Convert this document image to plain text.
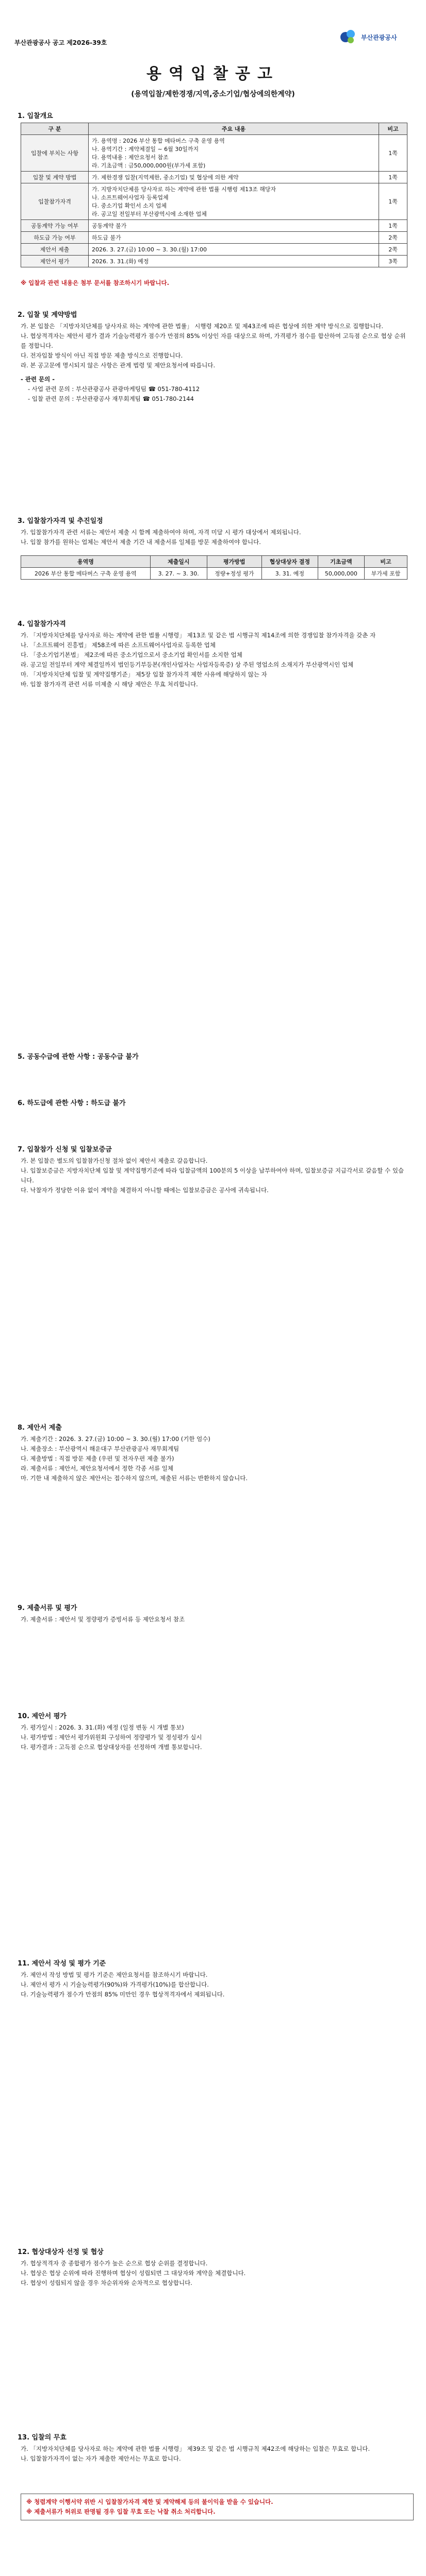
부산관광공사 공고 제2026-39호
부산관광공사
용역입찰공고
(용역입찰/제한경쟁/지역,중소기업/협상에의한계약)
1. 입찰개요
구 분	주요 내용	비고
입찰에 부치는 사항	가. 용역명 : 2026 부산 통합 메타버스 구축 운영 용역
나. 용역기간 : 계약체결일 ~ 6월 30일까지
다. 용역내용 : 제안요청서 참조
라. 기초금액 : 금50,000,000원(부가세 포함)	1쪽
입찰 및 계약 방법	가. 제한경쟁 입찰(지역제한, 중소기업) 및 협상에 의한 계약	1쪽
입찰참가자격	가. 지방자치단체를 당사자로 하는 계약에 관한 법률 시행령 제13조 해당자
나. 소프트웨어사업자 등록업체
다. 중소기업 확인서 소지 업체
라. 공고일 전일부터 부산광역시에 소재한 업체	1쪽
공동계약 가능 여부	공동계약 불가	1쪽
하도급 가능 여부	하도급 불가	2쪽
제안서 제출	2026. 3. 27.(금) 10:00 ~ 3. 30.(월) 17:00	2쪽
제안서 평가	2026. 3. 31.(화) 예정	3쪽

※ 입찰과 관련 내용은 첨부 문서를 참조하시기 바랍니다.

2. 입찰 및 계약방법

가. 본 입찰은 「지방자치단체를 당사자로 하는 계약에 관한 법률」 시행령 제20조 및 제43조에 따른 협상에 의한 계약 방식으로 집행합니다.

나. 협상적격자는 제안서 평가 결과 기술능력평가 점수가 만점의 85% 이상인 자를 대상으로 하며, 가격평가 점수를 합산하여 고득점 순으로 협상 순위를 정합니다.

다. 전자입찰 방식이 아닌 직접 방문 제출 방식으로 진행합니다.

라. 본 공고문에 명시되지 않은 사항은 관계 법령 및 제안요청서에 따릅니다.

- 관련 문의 -

- 사업 관련 문의 : 부산관광공사 관광마케팅팀 ☎ 051-780-4112

- 입찰 관련 문의 : 부산관광공사 재무회계팀 ☎ 051-780-2144

3. 입찰참가자격 및 추진일정

가. 입찰참가자격 관련 서류는 제안서 제출 시 함께 제출하여야 하며, 자격 미달 시 평가 대상에서 제외됩니다.

나. 입찰 참가를 원하는 업체는 제안서 제출 기간 내 제출서류 일체를 방문 제출하여야 합니다.

용역명	제출일시	평가방법	협상대상자 결정	기초금액	비고
2026 부산 통합 메타버스 구축 운영 용역	3. 27. ~ 3. 30.	정량+정성 평가	3. 31. 예정	50,000,000	부가세 포함
4. 입찰참가자격

가. 「지방자치단체를 당사자로 하는 계약에 관한 법률 시행령」 제13조 및 같은 법 시행규칙 제14조에 의한 경쟁입찰 참가자격을 갖춘 자

나. 「소프트웨어 진흥법」 제58조에 따른 소프트웨어사업자로 등록한 업체

다. 「중소기업기본법」 제2조에 따른 중소기업으로서 중소기업 확인서를 소지한 업체

라. 공고일 전일부터 계약 체결일까지 법인등기부등본(개인사업자는 사업자등록증) 상 주된 영업소의 소재지가 부산광역시인 업체

마. 「지방자치단체 입찰 및 계약집행기준」 제5장 입찰 참가자격 제한 사유에 해당하지 않는 자

바. 입찰 참가자격 관련 서류 미제출 시 해당 제안은 무효 처리합니다.

5. 공동수급에 관한 사항 : 공동수급 불가
6. 하도급에 관한 사항 : 하도급 불가
7. 입찰참가 신청 및 입찰보증금

가. 본 입찰은 별도의 입찰참가신청 절차 없이 제안서 제출로 갈음합니다.

나. 입찰보증금은 지방자치단체 입찰 및 계약집행기준에 따라 입찰금액의 100분의 5 이상을 납부하여야 하며, 입찰보증금 지급각서로 갈음할 수 있습니다.

다. 낙찰자가 정당한 이유 없이 계약을 체결하지 아니할 때에는 입찰보증금은 공사에 귀속됩니다.

8. 제안서 제출

가. 제출기간 : 2026. 3. 27.(금) 10:00 ~ 3. 30.(월) 17:00 (기한 엄수)

나. 제출장소 : 부산광역시 해운대구 부산관광공사 재무회계팀

다. 제출방법 : 직접 방문 제출 (우편 및 전자우편 제출 불가)

라. 제출서류 : 제안서, 제안요청서에서 정한 각종 서류 일체

마. 기한 내 제출하지 않은 제안서는 접수하지 않으며, 제출된 서류는 반환하지 않습니다.

9. 제출서류 및 평가

가. 제출서류 : 제안서 및 정량평가 증빙서류 등 제안요청서 참조

10. 제안서 평가

가. 평가일시 : 2026. 3. 31.(화) 예정 (일정 변동 시 개별 통보)

나. 평가방법 : 제안서 평가위원회 구성하여 정량평가 및 정성평가 실시

다. 평가결과 : 고득점 순으로 협상대상자를 선정하며 개별 통보합니다.

11. 제안서 작성 및 평가 기준

가. 제안서 작성 방법 및 평가 기준은 제안요청서를 참조하시기 바랍니다.

나. 제안서 평가 시 기술능력평가(90%)와 가격평가(10%)를 합산합니다.

다. 기술능력평가 점수가 만점의 85% 미만인 경우 협상적격자에서 제외됩니다.

12. 협상대상자 선정 및 협상

가. 협상적격자 중 종합평가 점수가 높은 순으로 협상 순위를 결정합니다.

나. 협상은 협상 순위에 따라 진행하며 협상이 성립되면 그 대상자와 계약을 체결합니다.

다. 협상이 성립되지 않을 경우 차순위자와 순차적으로 협상합니다.

13. 입찰의 무효

가. 「지방자치단체를 당사자로 하는 계약에 관한 법률 시행령」 제39조 및 같은 법 시행규칙 제42조에 해당하는 입찰은 무효로 합니다.

나. 입찰참가자격이 없는 자가 제출한 제안서는 무효로 합니다.

※ 청렴계약 이행서약 위반 시 입찰참가자격 제한 및 계약해제 등의 불이익을 받을 수 있습니다.
※ 제출서류가 허위로 판명될 경우 입찰 무효 또는 낙찰 취소 처리합니다.
